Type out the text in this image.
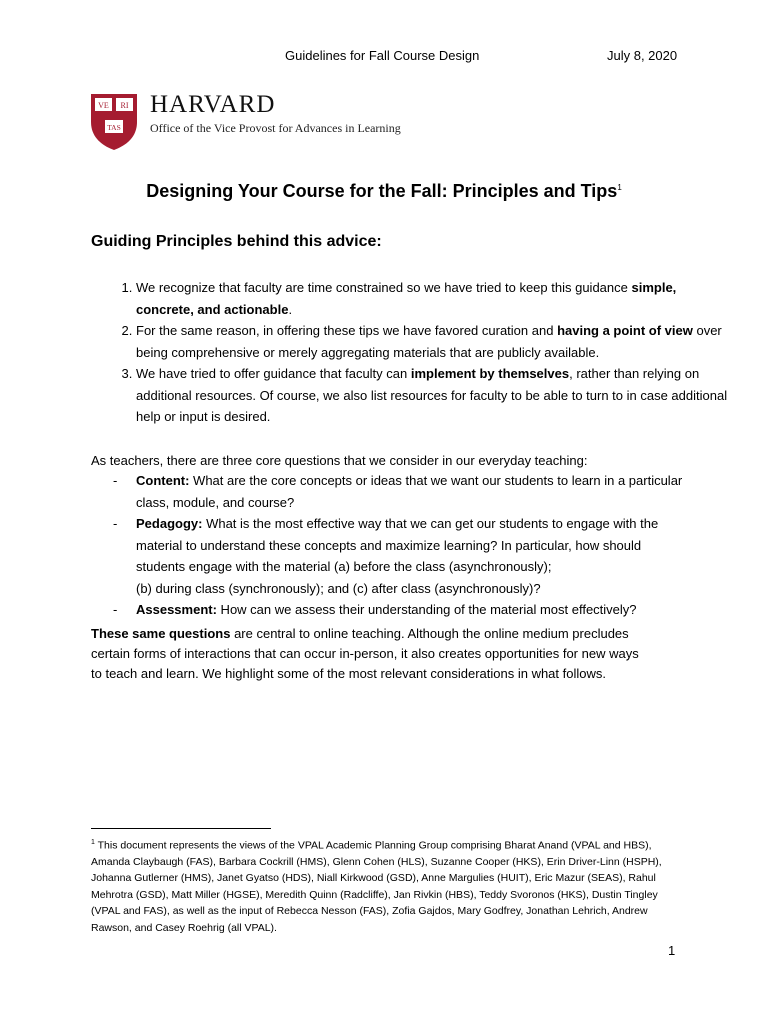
Guidelines for Fall Course Design	July 8, 2020
VE RI
TAS
HARVARD
Office of the Vice Provost for Advances in Learning
Designing Your Course for the Fall: Principles and Tips$^1$
Guiding Principles behind this advice:
1. We recognize that faculty are time constrained so we have tried to keep this guidance simple, concrete, and actionable.
2. For the same reason, in offering these tips we have favored curation and having a point of view over being comprehensive or merely aggregating materials that are publicly available.
3. We have tried to offer guidance that faculty can implement by themselves, rather than relying on additional resources. Of course, we also list resources for faculty to be able to turn to in case additional help or input is desired.
As teachers, there are three core questions that we consider in our everyday teaching:
- Content: What are the core concepts or ideas that we want our students to learn in a particular class, module, and course?
- Pedagogy: What is the most effective way that we can get our students to engage with the material to understand these concepts and maximize learning? In particular, how should students engage with the material (a) before the class (asynchronously);
(b) during class (synchronously); and (c) after class (asynchronously)?
- Assessment: How can we assess their understanding of the material most effectively?
These same questions are central to online teaching. Although the online medium precludes certain forms of interactions that can occur in-person, it also creates opportunities for new ways to teach and learn. We highlight some of the most relevant considerations in what follows.
$^1$ This document represents the views of the VPAL Academic Planning Group comprising Bharat Anand (VPAL and HBS), Amanda Claybaugh (FAS), Barbara Cockrill (HMS), Glenn Cohen (HLS), Suzanne Cooper (HKS), Erin Driver-Linn (HSPH), Johanna Gutlerner (HMS), Janet Gyatso (HDS), Niall Kirkwood (GSD), Anne Margulies (HUIT), Eric Mazur (SEAS), Rahul Mehrotra (GSD), Matt Miller (HGSE), Meredith Quinn (Radcliffe), Jan Rivkin (HBS), Teddy Svoronos (HKS), Dustin Tingley (VPAL and FAS), as well as the input of Rebecca Nesson (FAS), Zofia Gajdos, Mary Godfrey, Jonathan Lehrich, Andrew Rawson, and Casey Roehrig (all VPAL).
1
